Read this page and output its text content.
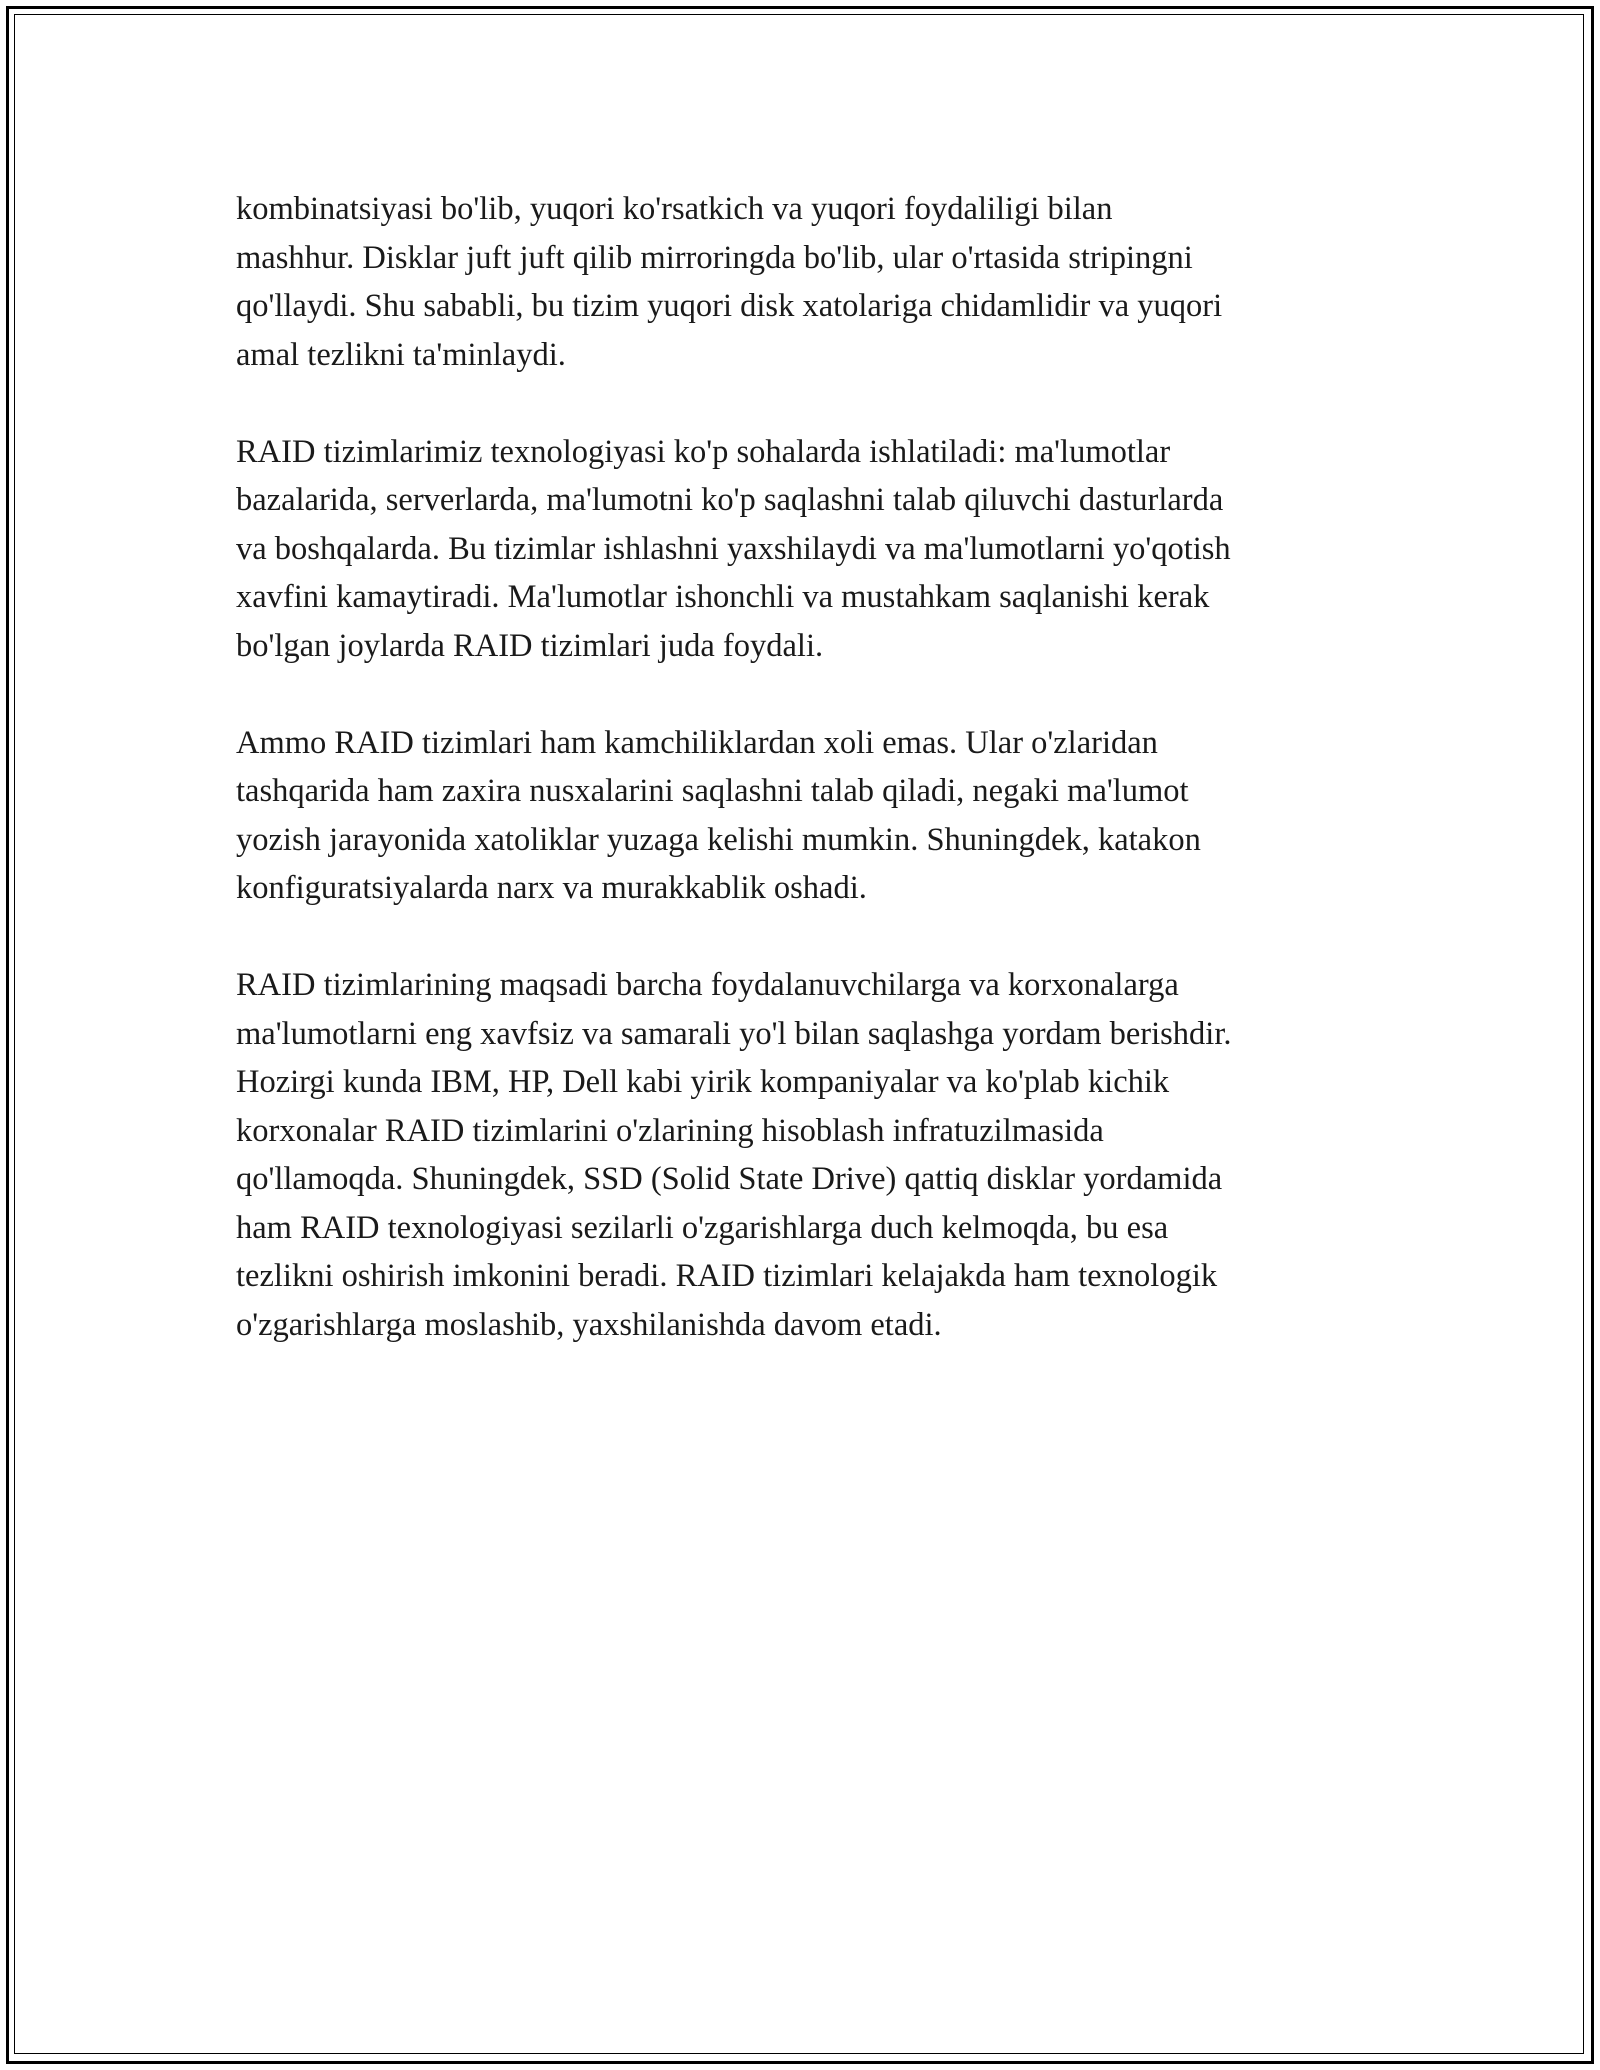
kombinatsiyasi bo'lib, yuqori ko'rsatkich va yuqori foydaliligi bilan
mashhur. Disklar juft juft qilib mirroringda bo'lib, ular o'rtasida stripingni
qo'llaydi. Shu sababli, bu tizim yuqori disk xatolariga chidamlidir va yuqori
amal tezlikni ta'minlaydi.

RAID tizimlarimiz texnologiyasi ko'p sohalarda ishlatiladi: ma'lumotlar
bazalarida, serverlarda, ma'lumotni ko'p saqlashni talab qiluvchi dasturlarda
va boshqalarda. Bu tizimlar ishlashni yaxshilaydi va ma'lumotlarni yo'qotish
xavfini kamaytiradi. Ma'lumotlar ishonchli va mustahkam saqlanishi kerak
bo'lgan joylarda RAID tizimlari juda foydali.

Ammo RAID tizimlari ham kamchiliklardan xoli emas. Ular o'zlaridan
tashqarida ham zaxira nusxalarini saqlashni talab qiladi, negaki ma'lumot
yozish jarayonida xatoliklar yuzaga kelishi mumkin. Shuningdek, katakon
konfiguratsiyalarda narx va murakkablik oshadi.

RAID tizimlarining maqsadi barcha foydalanuvchilarga va korxonalarga
ma'lumotlarni eng xavfsiz va samarali yo'l bilan saqlashga yordam berishdir.
Hozirgi kunda IBM, HP, Dell kabi yirik kompaniyalar va ko'plab kichik
korxonalar RAID tizimlarini o'zlarining hisoblash infratuzilmasida
qo'llamoqda. Shuningdek, SSD (Solid State Drive) qattiq disklar yordamida
ham RAID texnologiyasi sezilarli o'zgarishlarga duch kelmoqda, bu esa
tezlikni oshirish imkonini beradi. RAID tizimlari kelajakda ham texnologik
o'zgarishlarga moslashib, yaxshilanishda davom etadi.
